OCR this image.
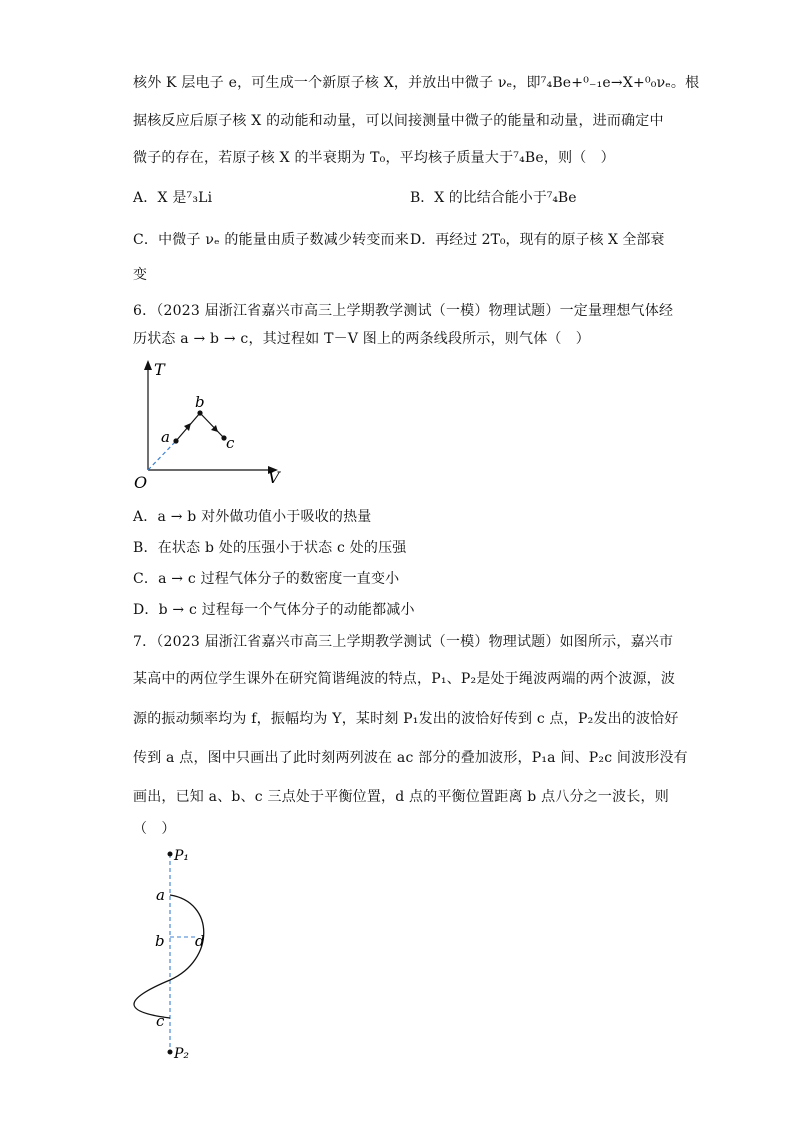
核外 K 层电子 e，可生成一个新原子核 X，并放出中微子 νₑ，即⁷₄Be+⁰₋₁e→X+⁰₀νₑ。根
据核反应后原子核 X 的动能和动量，可以间接测量中微子的能量和动量，进而确定中
微子的存在，若原子核 X 的半衰期为 T₀，平均核子质量大于⁷₄Be，则（　）
A．X 是⁷₃Li	B．X 的比结合能小于⁷₄Be
C．中微子 νₑ 的能量由质子数减少转变而来 D．再经过 2T₀，现有的原子核 X 全部衰
变
6．（2023 届浙江省嘉兴市高三上学期教学测试（一模）物理试题）一定量理想气体经
历状态 a → b → c，其过程如 T－V 图上的两条线段所示，则气体（　）
T
V
O
a
b
c
A．a → b 对外做功值小于吸收的热量
B．在状态 b 处的压强小于状态 c 处的压强
C．a → c 过程气体分子的数密度一直变小
D．b → c 过程每一个气体分子的动能都减小
7．（2023 届浙江省嘉兴市高三上学期教学测试（一模）物理试题）如图所示，嘉兴市
某高中的两位学生课外在研究简谐绳波的特点，P₁、P₂是处于绳波两端的两个波源，波
源的振动频率均为 f，振幅均为 Y，某时刻 P₁发出的波恰好传到 c 点，P₂发出的波恰好
传到 a 点，图中只画出了此时刻两列波在 ac 部分的叠加波形，P₁a 间、P₂c 间波形没有
画出，已知 a、b、c 三点处于平衡位置，d 点的平衡位置距离 b 点八分之一波长，则
（　）
P₁
P₂
a
b d
c
